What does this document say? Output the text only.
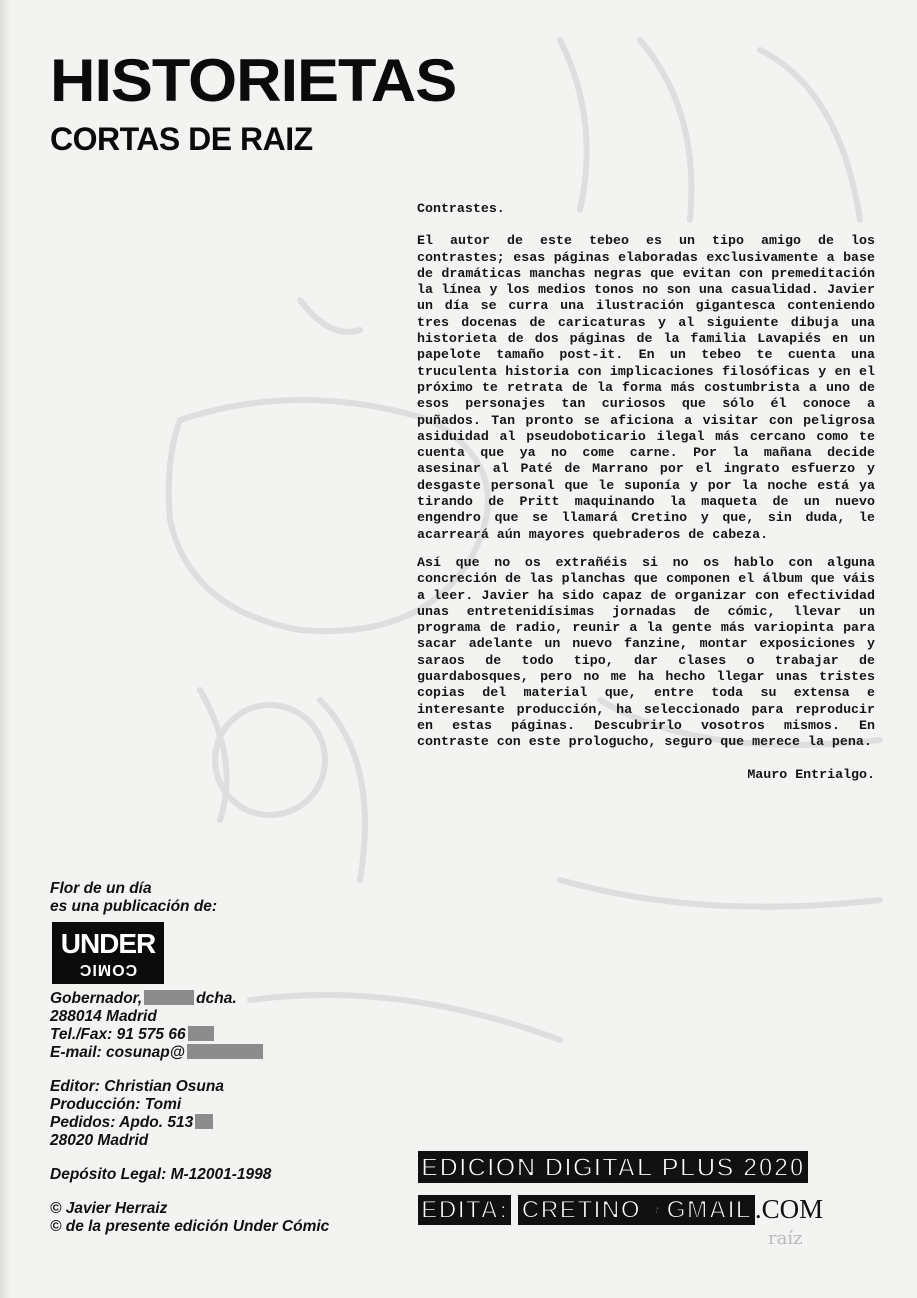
HISTORIETAS
CORTAS DE RAIZ
Contrastes.

El autor de este tebeo es un tipo amigo de los contrastes; esas páginas elaboradas exclusivamente a base de dramáticas manchas negras que evitan con premeditación la línea y los medios tonos no son una casualidad. Javier un día se curra una ilustración gigantesca conteniendo tres docenas de caricaturas y al siguiente dibuja una historieta de dos páginas de la familia Lavapiés en un papelote tamaño post-it. En un tebeo te cuenta una truculenta historia con implicaciones filosóficas y en el próximo te retrata de la forma más costumbrista a uno de esos personajes tan curiosos que sólo él conoce a puñados. Tan pronto se aficiona a visitar con peligrosa asiduidad al pseudoboticario ilegal más cercano como te cuenta que ya no come carne. Por la mañana decide asesinar al Paté de Marrano por el ingrato esfuerzo y desgaste personal que le suponía y por la noche está ya tirando de Pritt maquinando la maqueta de un nuevo engendro que se llamará Cretino y que, sin duda, le acarreará aún mayores quebraderos de cabeza.

Así que no os extrañéis si no os hablo con alguna concreción de las planchas que componen el álbum que váis a leer. Javier ha sido capaz de organizar con efectividad unas entretenidísimas jornadas de cómic, llevar un programa de radio, reunir a la gente más variopinta para sacar adelante un nuevo fanzine, montar exposiciones y saraos de todo tipo, dar clases o trabajar de guardabosques, pero no me ha hecho llegar unas tristes copias del material que, entre toda su extensa e interesante producción, ha seleccionado para reproducir en estas páginas. Descubrirlo vosotros mismos. En contraste con este prologucho, seguro que merece la pena.

Mauro Entrialgo.
Flor de un día
es una publicación de:
Gobernador,	dcha.
288014 Madrid
Tel./Fax: 91 575 66
E-mail: cosunap@
Editor: Christian Osuna
Producción: Tomi
Pedidos: Apdo. 513
28020 Madrid
Depósito Legal: M-12001-1998
© Javier Herraiz
© de la presente edición Under Cómic
UNDER
COMIC
EDICION DIGITAL PLUS 2020
EDITA: CRETINO@GMAIL .COM
raíz
